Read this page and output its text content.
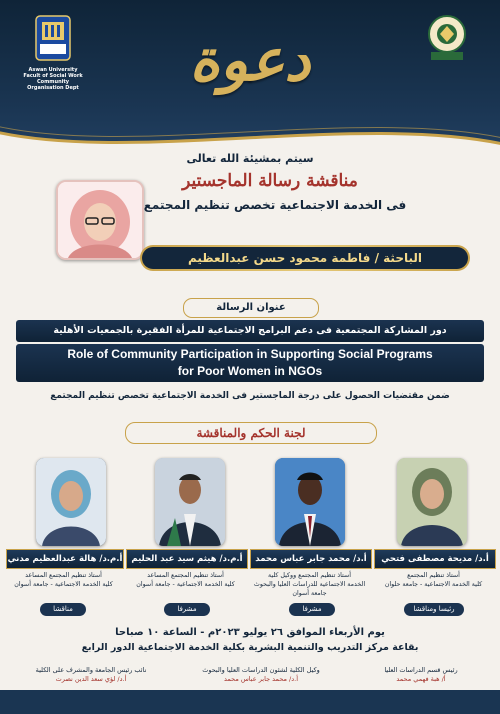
Aswan University
Facult of Social Work
Community Organisation Dept	دعوة
سيتم بمشيئة الله تعالى
مناقشة رسالة الماجستير
فى الخدمة الاجتماعية تخصص تنظيم المجتمع
الباحثة / فاطمة محمود حسن عبدالعظيم
عنوان الرسالة
دور المشاركة المجتمعية فى دعم البرامج الاجتماعية للمرأة الفقيرة بالجمعيات الأهلية
Role of Community Participation in Supporting Social Programs
for Poor Women in NGOs
ضمن مقتضيات الحصول على درجة الماجستير فى الخدمة الاجتماعية تخصص تنظيم المجتمع
لجنة الحكم والمناقشة
أ.م.د/ هالة عبدالعظيم مدني
أستاذ تنظيم المجتمع المساعد
كلية الخدمة الاجتماعية - جامعة أسوان
مناقشا
أ.م.د/ هيثم سيد عبد الحليم
أستاذ تنظيم المجتمع المساعد
كلية الخدمة الاجتماعية - جامعة أسوان
مشرفا
أ.د/ محمد جابر عباس محمد
أستاذ تنظيم المجتمع ووكيل كلية
الخدمة الاجتماعية للدراسات العليا والبحوث
جامعة أسوان
مشرفا
أ.د/ مديحة مصطفى فتحي
أستاذ تنظيم المجتمع
كلية الخدمة الاجتماعية - جامعة حلوان
رئيسا ومناقشا
يوم الأربعاء الموافق ٢٦ يوليو ٢٠٢٣م - الساعة ١٠ صباحا
بقاعة مركز التدريب والتنمية البشرية بكلية الخدمة الاجتماعية الدور الرابع
نائب رئيس الجامعة والمشرف على الكلية
أ.د/ لؤي سعد الدين نصرت
وكيل الكلية لشئون الدراسات العليا والبحوث
أ.د/ محمد جابر عباس محمد
رئيس قسم الدراسات العليا
أ/ هبة فهمي محمد
